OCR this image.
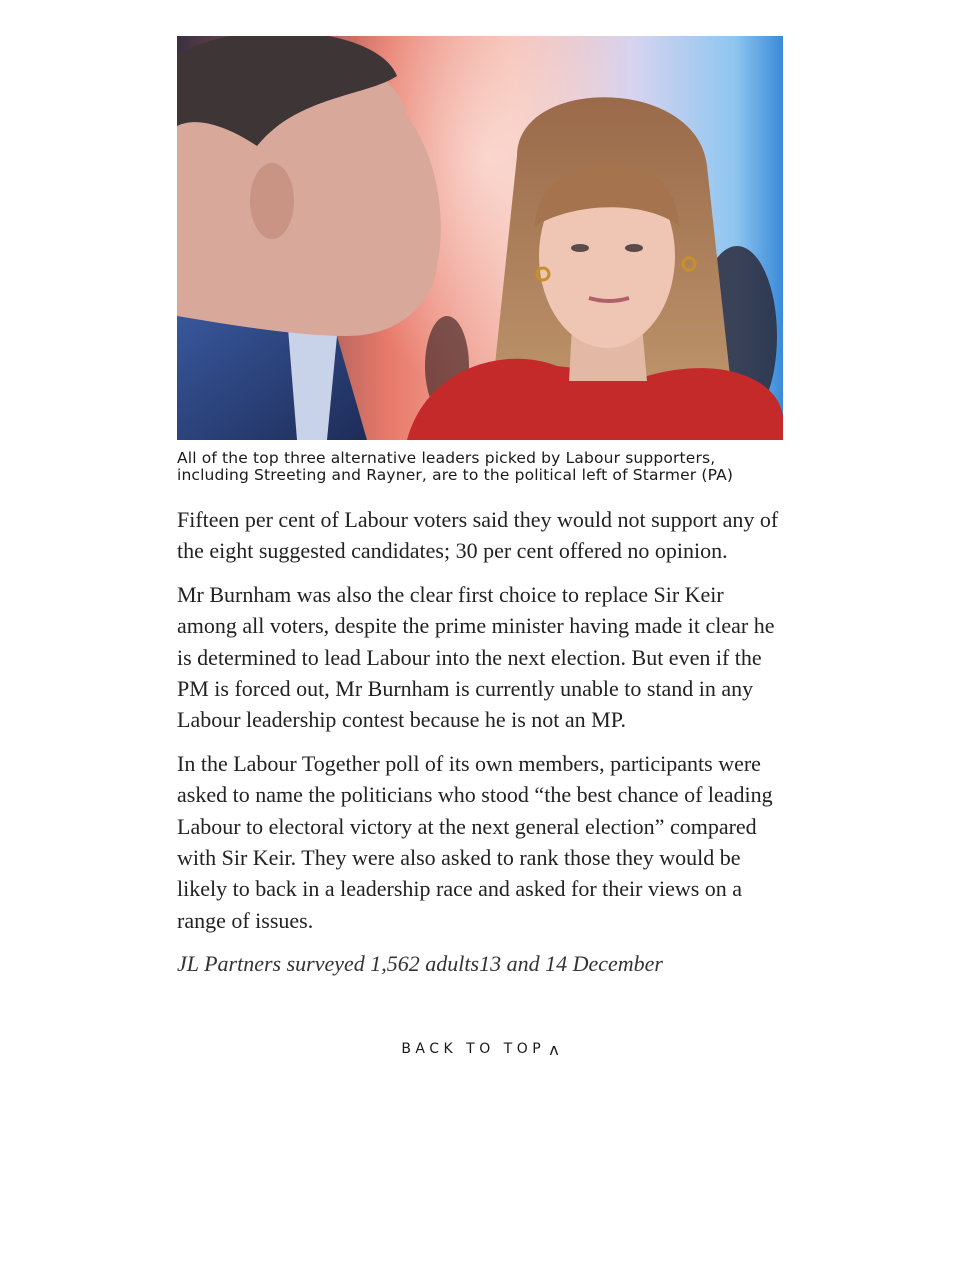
All of the top three alternative leaders picked by Labour supporters,
including Streeting and Rayner, are to the political left of Starmer (PA)

Fifteen per cent of Labour voters said they would not support any of the eight suggested candidates; 30 per cent offered no opinion.

Mr Burnham was also the clear first choice to replace Sir Keir among all voters, despite the prime minister having made it clear he is determined to lead Labour into the next election. But even if the PM is forced out, Mr Burnham is currently unable to stand in any Labour leadership contest because he is not an MP.

In the Labour Together poll of its own members, participants were asked to name the politicians who stood “the best chance of leading Labour to electoral victory at the next general election” compared with Sir Keir. They were also asked to rank those they would be likely to back in a leadership race and asked for their views on a range of issues.

JL Partners surveyed 1,562 adults13 and 14 December

BACK TO TOP ʌ
